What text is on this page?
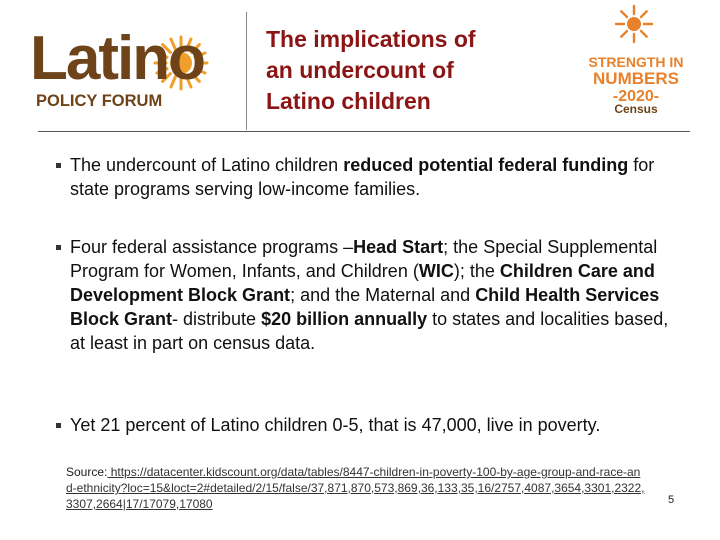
Latino
POLICY FORUM
The implications of
an undercount of
Latino children
STRENGTH IN
NUMBERS
-2020-
Census
The undercount of Latino children reduced potential federal funding for state programs serving low-income families.
Four federal assistance programs –Head Start; the Special Supplemental Program for Women, Infants, and Children (WIC); the Children Care and Development Block Grant; and the Maternal and Child Health Services Block Grant- distribute $20 billion annually to states and localities based, at least in part on census data.
Yet 21 percent of Latino children 0-5, that is 47,000, live in poverty.
Source: https://datacenter.kidscount.org/data/tables/8447-children-in-poverty-100-by-age-group-and-race-and-ethnicity?loc=15&loct=2#detailed/2/15/false/37,871,870,573,869,36,133,35,16/2757,4087,3654,3301,2322,3307,2664|17/17079,17080	5
